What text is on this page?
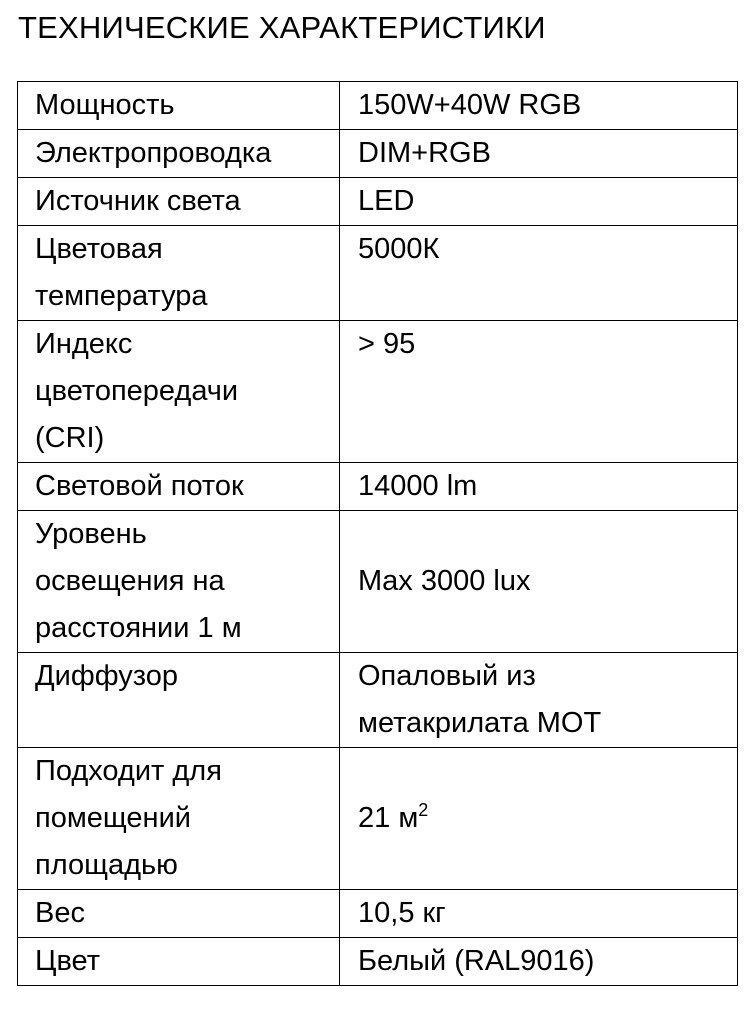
ТЕХНИЧЕСКИЕ ХАРАКТЕРИСТИКИ
Мощность	150W+40W RGB

Электропроводка	DIM+RGB

Источник света	LED

Цветовая
температура	5000К

Индекс
цветопередачи
(CRI)	> 95

Световой поток	14000 lm

Уровень
освещения на
расстоянии 1 м	Max 3000 lux

Диффузор	Опаловый из
метакрилата МОТ

Подходит для
помещений
площадью	21 $м^2$

Вес	10,5 кг

Цвет	Белый (RAL9016)
